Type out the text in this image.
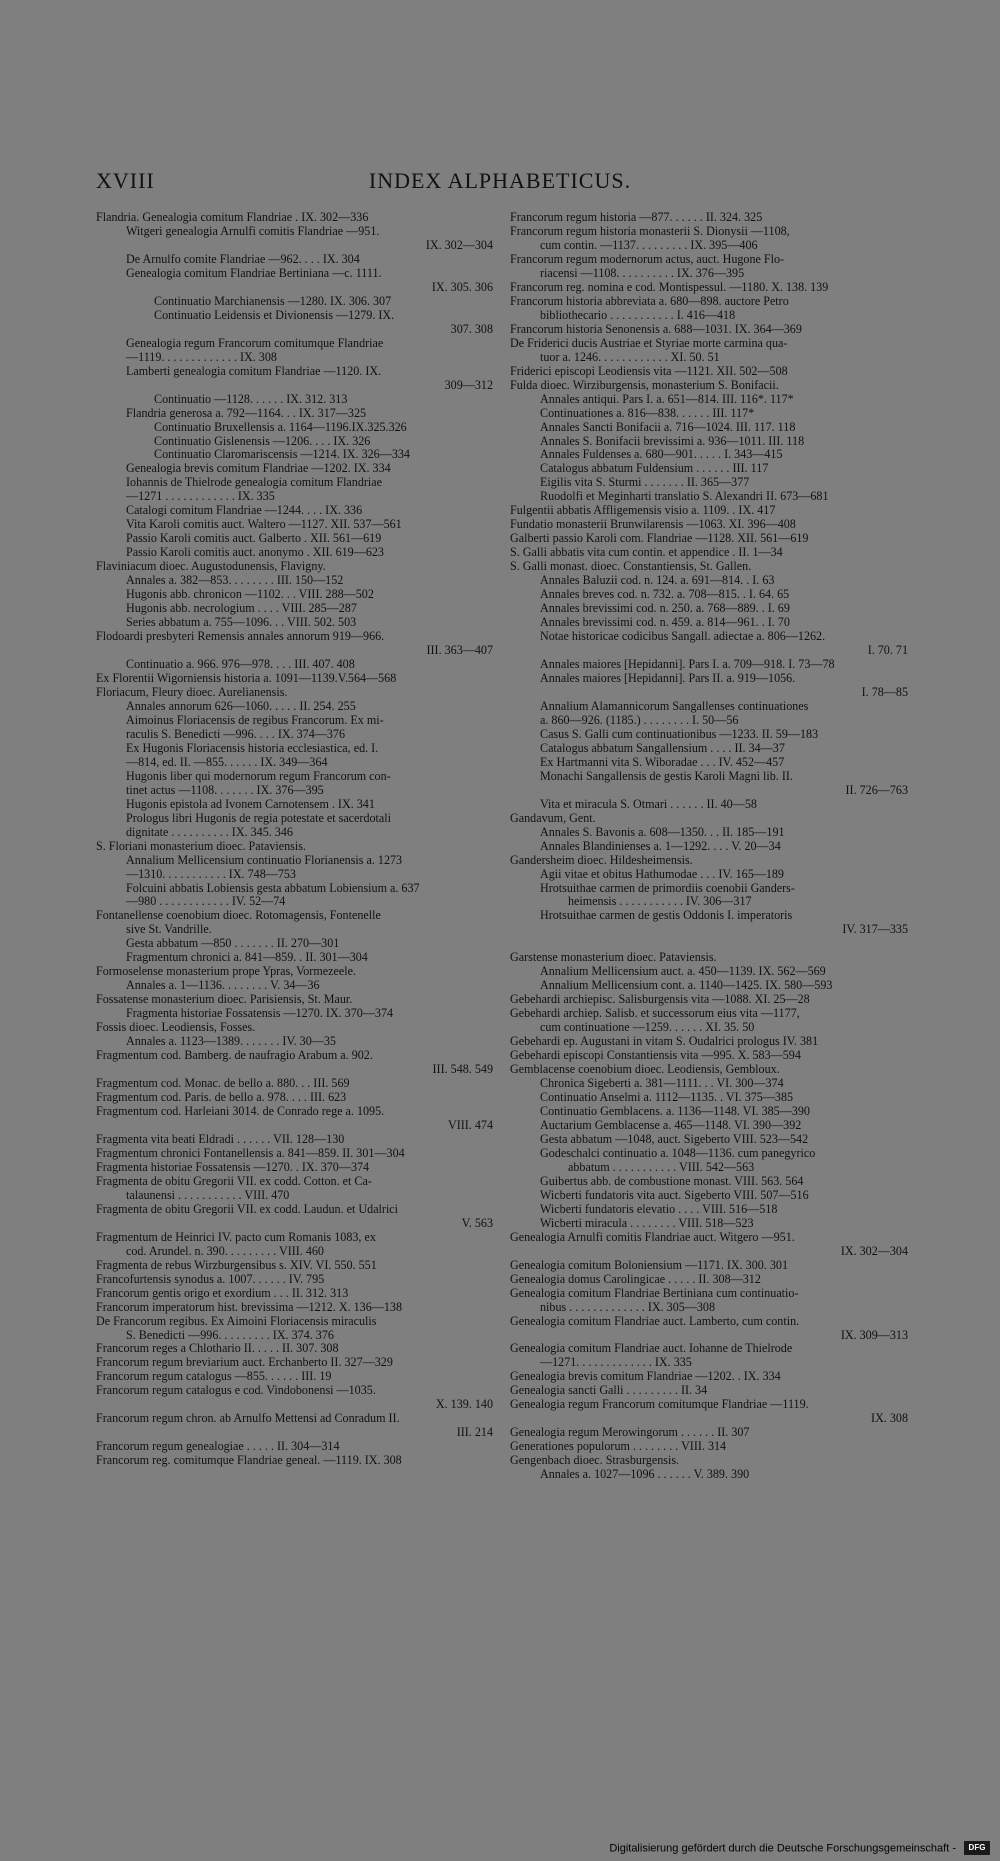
XVIII	INDEX ALPHABETICUS.
Flandria. Genealogia comitum Flandriae . IX. 302—336
Witgeri genealogia Arnulfi comitis Flandriae —951.
IX. 302—304
De Arnulfo comite Flandriae —962. . . . IX. 304
Genealogia comitum Flandriae Bertiniana —c. 1111.
IX. 305. 306
Continuatio Marchianensis —1280. IX. 306. 307
Continuatio Leidensis et Divionensis —1279. IX.
307. 308
Genealogia regum Francorum comitumque Flandriae
—1119. . . . . . . . . . . . . IX. 308
Lamberti genealogia comitum Flandriae —1120. IX.
309—312
Continuatio —1128. . . . . . IX. 312. 313
Flandria generosa a. 792—1164. . . IX. 317—325
Continuatio Bruxellensis a. 1164—1196.IX.325.326
Continuatio Gislenensis —1206. . . . IX. 326
Continuatio Claromariscensis —1214. IX. 326—334
Genealogia brevis comitum Flandriae —1202. IX. 334
Iohannis de Thielrode genealogia comitum Flandriae
—1271 . . . . . . . . . . . . IX. 335
Catalogi comitum Flandriae —1244. . . . IX. 336
Vita Karoli comitis auct. Waltero —1127. XII. 537—561
Passio Karoli comitis auct. Galberto . XII. 561—619
Passio Karoli comitis auct. anonymo . XII. 619—623
Flaviniacum dioec. Augustodunensis, Flavigny.
Annales a. 382—853. . . . . . . . III. 150—152
Hugonis abb. chronicon —1102. . . VIII. 288—502
Hugonis abb. necrologium . . . . VIII. 285—287
Series abbatum a. 755—1096. . . VIII. 502. 503
Flodoardi presbyteri Remensis annales annorum 919—966.
III. 363—407
Continuatio a. 966. 976—978. . . . III. 407. 408
Ex Florentii Wigorniensis historia a. 1091—1139.V.564—568
Floriacum, Fleury dioec. Aurelianensis.
Annales annorum 626—1060. . . . . II. 254. 255
Aimoinus Floriacensis de regibus Francorum. Ex mi-
raculis S. Benedicti —996. . . . IX. 374—376
Ex Hugonis Floriacensis historia ecclesiastica, ed. I.
—814, ed. II. —855. . . . . . IX. 349—364
Hugonis liber qui modernorum regum Francorum con-
tinet actus —1108. . . . . . . IX. 376—395
Hugonis epistola ad Ivonem Carnotensem . IX. 341
Prologus libri Hugonis de regia potestate et sacerdotali
dignitate . . . . . . . . . . IX. 345. 346
S. Floriani monasterium dioec. Pataviensis.
Annalium Mellicensium continuatio Florianensis a. 1273
—1310. . . . . . . . . . . IX. 748—753
Folcuini abbatis Lobiensis gesta abbatum Lobiensium a. 637
—980 . . . . . . . . . . . . IV. 52—74
Fontanellense coenobium dioec. Rotomagensis, Fontenelle
sive St. Vandrille.
Gesta abbatum —850 . . . . . . . II. 270—301
Fragmentum chronici a. 841—859. . II. 301—304
Formoselense monasterium prope Ypras, Vormezeele.
Annales a. 1—1136. . . . . . . . V. 34—36
Fossatense monasterium dioec. Parisiensis, St. Maur.
Fragmenta historiae Fossatensis —1270. IX. 370—374
Fossis dioec. Leodiensis, Fosses.
Annales a. 1123—1389. . . . . . . IV. 30—35
Fragmentum cod. Bamberg. de naufragio Arabum a. 902.
III. 548. 549
Fragmentum cod. Monac. de bello a. 880. . . III. 569
Fragmentum cod. Paris. de bello a. 978. . . . III. 623
Fragmentum cod. Harleiani 3014. de Conrado rege a. 1095.
VIII. 474
Fragmenta vita beati Eldradi . . . . . . VII. 128—130
Fragmentum chronici Fontanellensis a. 841—859. II. 301—304
Fragmenta historiae Fossatensis —1270. . IX. 370—374
Fragmenta de obitu Gregorii VII. ex codd. Cotton. et Ca-
talaunensi . . . . . . . . . . . VIII. 470
Fragmenta de obitu Gregorii VII. ex codd. Laudun. et Udalrici
V. 563
Fragmentum de Heinrici IV. pacto cum Romanis 1083, ex
cod. Arundel. n. 390. . . . . . . . . VIII. 460
Fragmenta de rebus Wirzburgensibus s. XIV. VI. 550. 551
Francofurtensis synodus a. 1007. . . . . . IV. 795
Francorum gentis origo et exordium . . . II. 312. 313
Francorum imperatorum hist. brevissima —1212. X. 136—138
De Francorum regibus. Ex Aimoini Floriacensis miraculis
S. Benedicti —996. . . . . . . . . IX. 374. 376
Francorum reges a Chlothario II. . . . . II. 307. 308
Francorum regum breviarium auct. Erchanberto II. 327—329
Francorum regum catalogus —855. . . . . . III. 19
Francorum regum catalogus e cod. Vindobonensi —1035.
X. 139. 140
Francorum regum chron. ab Arnulfo Mettensi ad Conradum II.
III. 214
Francorum regum genealogiae . . . . . II. 304—314
Francorum reg. comitumque Flandriae geneal. —1119. IX. 308
Francorum regum historia —877. . . . . . II. 324. 325
Francorum regum historia monasterii S. Dionysii —1108,
cum contin. —1137. . . . . . . . . IX. 395—406
Francorum regum modernorum actus, auct. Hugone Flo-
riacensi —1108. . . . . . . . . . IX. 376—395
Francorum reg. nomina e cod. Montispessul. —1180. X. 138. 139
Francorum historia abbreviata a. 680—898. auctore Petro
bibliothecario . . . . . . . . . . . I. 416—418
Francorum historia Senonensis a. 688—1031. IX. 364—369
De Friderici ducis Austriae et Styriae morte carmina qua-
tuor a. 1246. . . . . . . . . . . . XI. 50. 51
Friderici episcopi Leodiensis vita —1121. XII. 502—508
Fulda dioec. Wirziburgensis, monasterium S. Bonifacii.
Annales antiqui. Pars I. a. 651—814. III. 116*. 117*
Continuationes a. 816—838. . . . . . III. 117*
Annales Sancti Bonifacii a. 716—1024. III. 117. 118
Annales S. Bonifacii brevissimi a. 936—1011. III. 118
Annales Fuldenses a. 680—901. . . . . I. 343—415
Catalogus abbatum Fuldensium . . . . . . III. 117
Eigilis vita S. Sturmi . . . . . . . II. 365—377
Ruodolfi et Meginharti translatio S. Alexandri II. 673—681
Fulgentii abbatis Affligemensis visio a. 1109. . IX. 417
Fundatio monasterii Brunwilarensis —1063. XI. 396—408
Galberti passio Karoli com. Flandriae —1128. XII. 561—619
S. Galli abbatis vita cum contin. et appendice . II. 1—34
S. Galli monast. dioec. Constantiensis, St. Gallen.
Annales Baluzii cod. n. 124. a. 691—814. . I. 63
Annales breves cod. n. 732. a. 708—815. . I. 64. 65
Annales brevissimi cod. n. 250. a. 768—889. . I. 69
Annales brevissimi cod. n. 459. a. 814—961. . I. 70
Notae historicae codicibus Sangall. adiectae a. 806—1262.
I. 70. 71
Annales maiores [Hepidanni]. Pars I. a. 709—918. I. 73—78
Annales maiores [Hepidanni]. Pars II. a. 919—1056.
I. 78—85
Annalium Alamannicorum Sangallenses continuationes
a. 860—926. (1185.) . . . . . . . . I. 50—56
Casus S. Galli cum continuationibus —1233. II. 59—183
Catalogus abbatum Sangallensium . . . . II. 34—37
Ex Hartmanni vita S. Wiboradae . . . IV. 452—457
Monachi Sangallensis de gestis Karoli Magni lib. II.
II. 726—763
Vita et miracula S. Otmari . . . . . . II. 40—58
Gandavum, Gent.
Annales S. Bavonis a. 608—1350. . . II. 185—191
Annales Blandinienses a. 1—1292. . . . V. 20—34
Gandersheim dioec. Hildesheimensis.
Agii vitae et obitus Hathumodae . . . IV. 165—189
Hrotsuithae carmen de primordiis coenobii Ganders-
heimensis . . . . . . . . . . . IV. 306—317
Hrotsuithae carmen de gestis Oddonis I. imperatoris
IV. 317—335

Garstense monasterium dioec. Pataviensis.
Annalium Mellicensium auct. a. 450—1139. IX. 562—569
Annalium Mellicensium cont. a. 1140—1425. IX. 580—593
Gebehardi archiepisc. Salisburgensis vita —1088. XI. 25—28
Gebehardi archiep. Salisb. et successorum eius vita —1177,
cum continuatione —1259. . . . . . XI. 35. 50
Gebehardi ep. Augustani in vitam S. Oudalrici prologus IV. 381
Gebehardi episcopi Constantiensis vita —995. X. 583—594
Gemblacense coenobium dioec. Leodiensis, Gembloux.
Chronica Sigeberti a. 381—1111. . . VI. 300—374
Continuatio Anselmi a. 1112—1135. . VI. 375—385
Continuatio Gemblacens. a. 1136—1148. VI. 385—390
Auctarium Gemblacense a. 465—1148. VI. 390—392
Gesta abbatum —1048, auct. Sigeberto VIII. 523—542
Godeschalci continuatio a. 1048—1136. cum panegyrico
abbatum . . . . . . . . . . . VIII. 542—563
Guibertus abb. de combustione monast. VIII. 563. 564
Wicberti fundatoris vita auct. Sigeberto VIII. 507—516
Wicberti fundatoris elevatio . . . . VIII. 516—518
Wicberti miracula . . . . . . . . VIII. 518—523
Genealogia Arnulfi comitis Flandriae auct. Witgero —951.
IX. 302—304
Genealogia comitum Boloniensium —1171. IX. 300. 301
Genealogia domus Carolingicae . . . . . II. 308—312
Genealogia comitum Flandriae Bertiniana cum continuatio-
nibus . . . . . . . . . . . . . IX. 305—308
Genealogia comitum Flandriae auct. Lamberto, cum contin.
IX. 309—313
Genealogia comitum Flandriae auct. Iohanne de Thielrode
—1271. . . . . . . . . . . . . IX. 335
Genealogia brevis comitum Flandriae —1202. . IX. 334
Genealogia sancti Galli . . . . . . . . . II. 34
Genealogia regum Francorum comitumque Flandriae —1119.
IX. 308
Genealogia regum Merowingorum . . . . . . II. 307
Generationes populorum . . . . . . . . VIII. 314
Gengenbach dioec. Strasburgensis.
Annales a. 1027—1096 . . . . . . V. 389. 390
Digitalisierung gefördert durch die Deutsche Forschungsgemeinschaft - DFG
